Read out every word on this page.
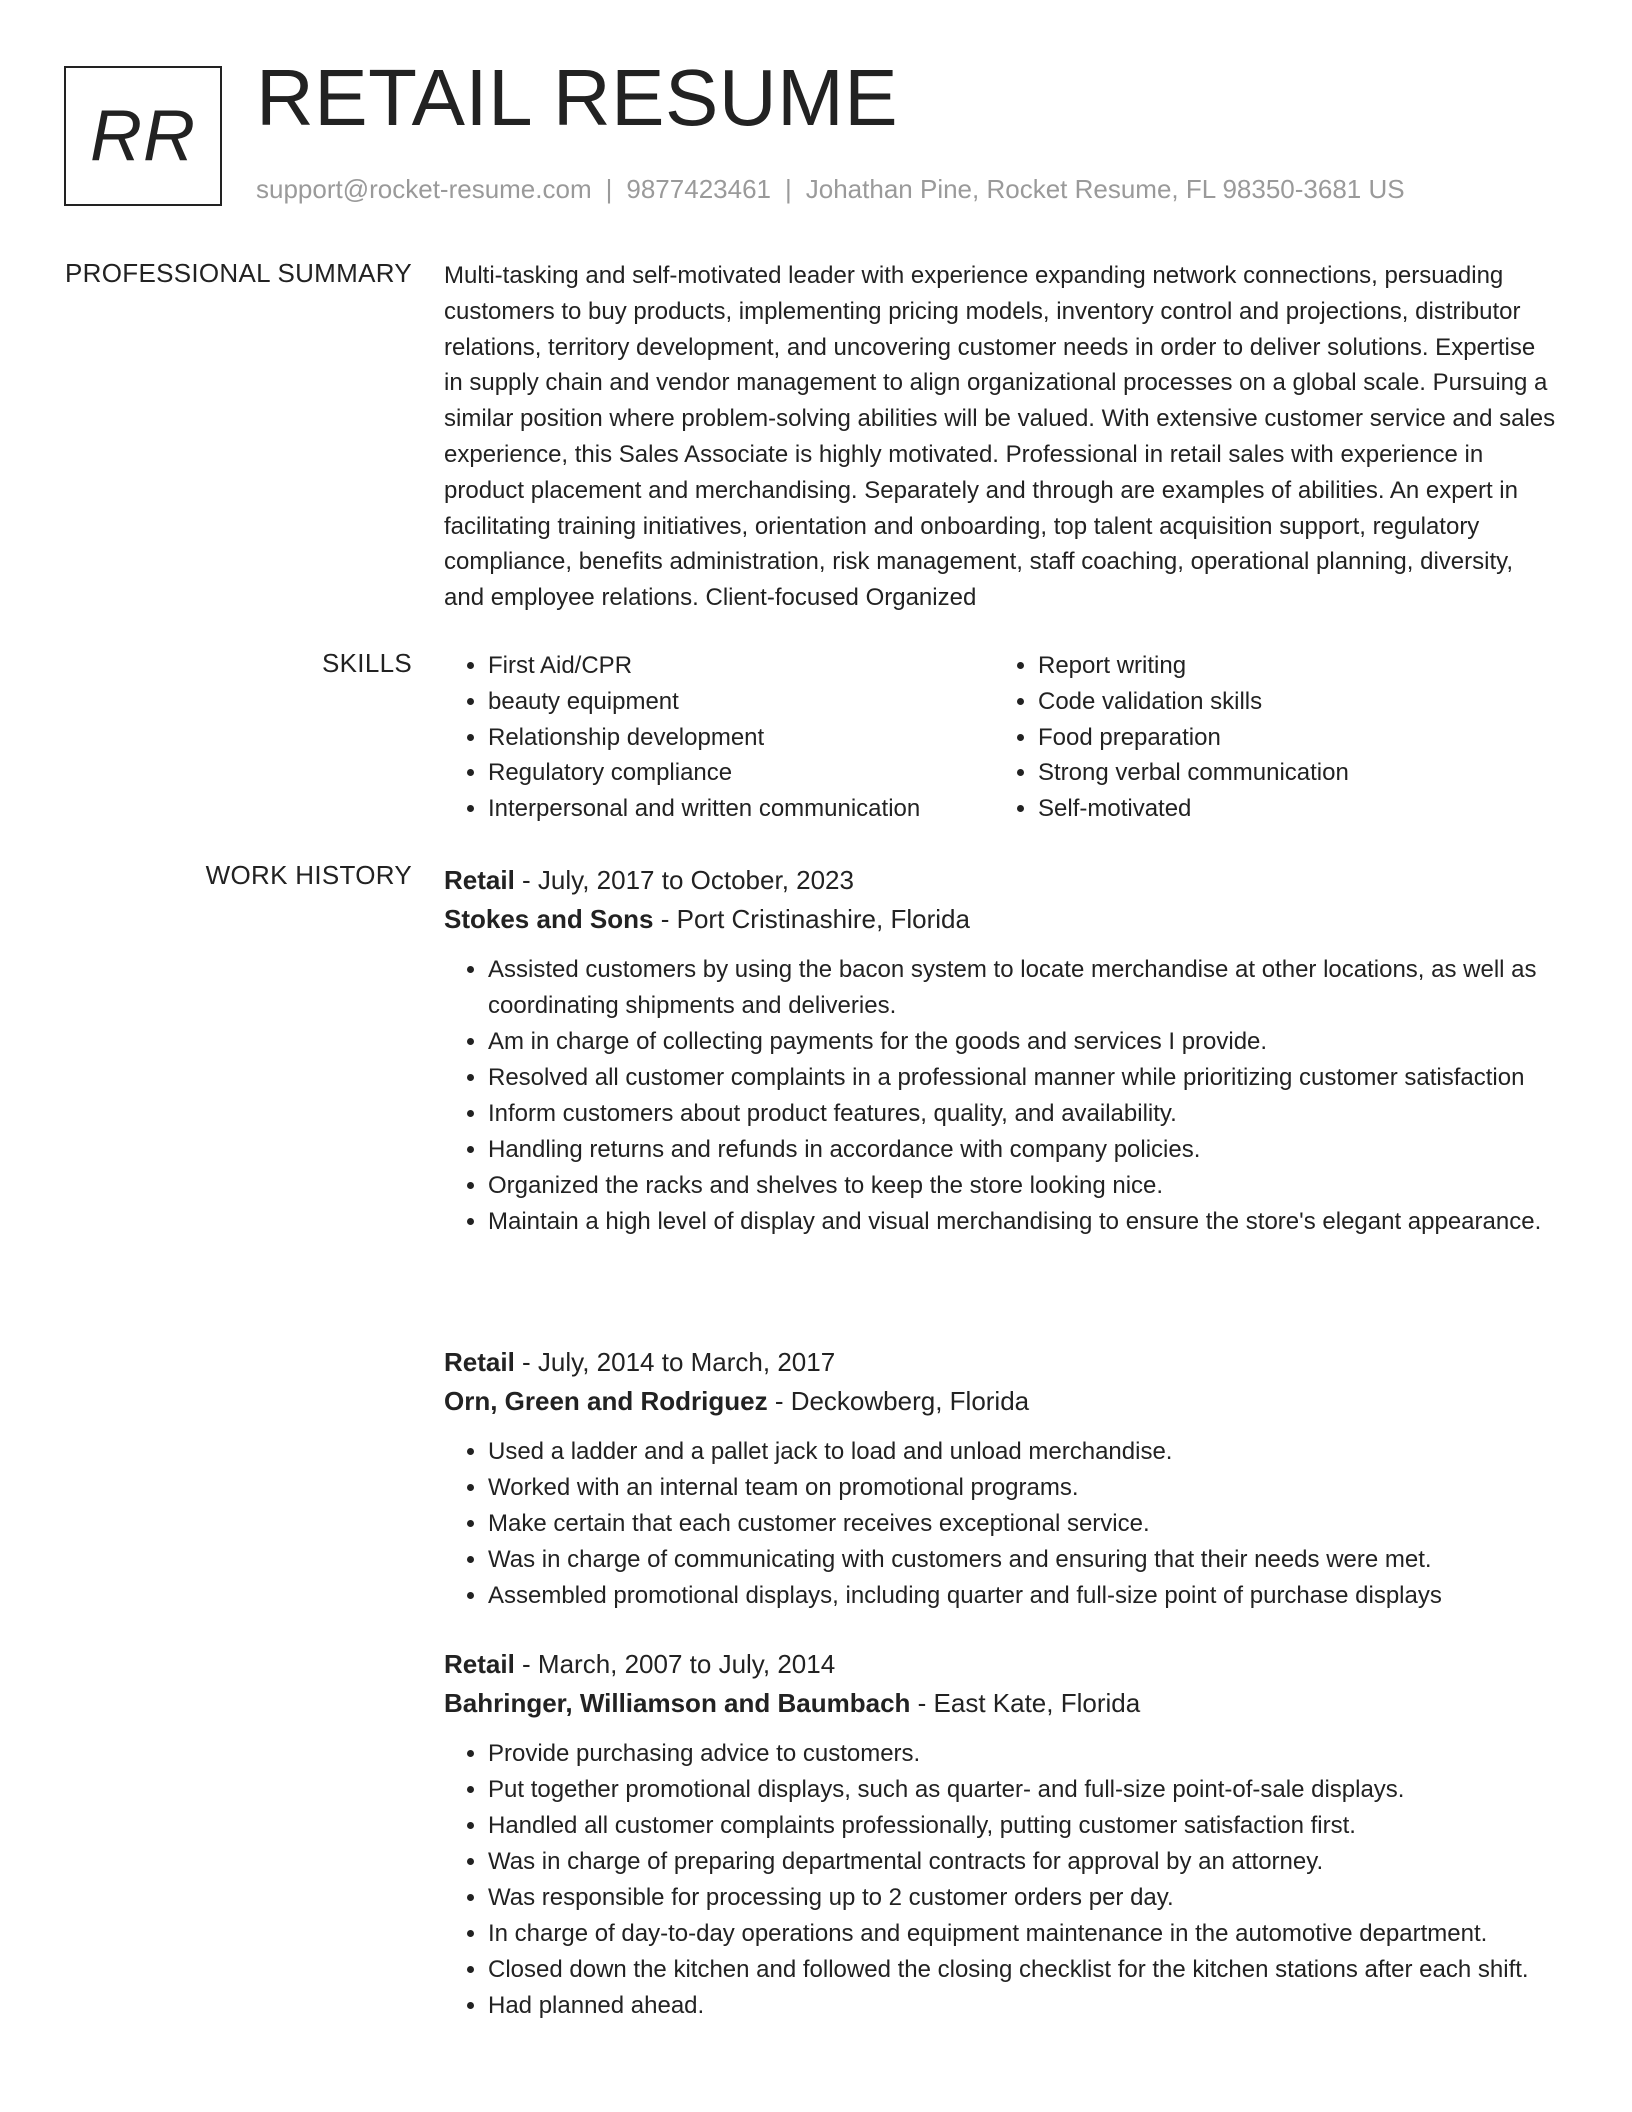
RR RETAIL RESUME
support@rocket-resume.com | 9877423461 | Johathan Pine, Rocket Resume, FL 98350-3681 US
PROFESSIONAL SUMMARY Multi-tasking and self-motivated leader with experience expanding network connections, persuading customers to buy products, implementing pricing models, inventory control and projections, distributor relations, territory development, and uncovering customer needs in order to deliver solutions. Expertise in supply chain and vendor management to align organizational processes on a global scale. Pursuing a similar position where problem-solving abilities will be valued. With extensive customer service and sales experience, this Sales Associate is highly motivated. Professional in retail sales with experience in product placement and merchandising. Separately and through are examples of abilities. An expert in facilitating training initiatives, orientation and onboarding, top talent acquisition support, regulatory compliance, benefits administration, risk management, staff coaching, operational planning, diversity, and employee relations. Client-focused Organized

SKILLS
•	First Aid/CPR
• beauty equipment
• Relationship development
• Regulatory compliance
• Interpersonal and written communication
• Report writing
• Code validation skills
• Food preparation
• Strong verbal communication
• Self-motivated
WORK HISTORY Retail - July, 2017 to October, 2023
Stokes and Sons - Port Cristinashire, Florida
• Assisted customers by using the bacon system to locate merchandise at other locations, as well as coordinating shipments and deliveries.
• Am in charge of collecting payments for the goods and services I provide.
• Resolved all customer complaints in a professional manner while prioritizing customer satisfaction
• Inform customers about product features, quality, and availability.
• Handling returns and refunds in accordance with company policies.
• Organized the racks and shelves to keep the store looking nice.
• Maintain a high level of display and visual merchandising to ensure the store's elegant appearance.
Retail - July, 2014 to March, 2017
Orn, Green and Rodriguez - Deckowberg, Florida
• Used a ladder and a pallet jack to load and unload merchandise.
• Worked with an internal team on promotional programs.
• Make certain that each customer receives exceptional service.
• Was in charge of communicating with customers and ensuring that their needs were met.
• Assembled promotional displays, including quarter and full-size point of purchase displays
Retail - March, 2007 to July, 2014
Bahringer, Williamson and Baumbach - East Kate, Florida
• Provide purchasing advice to customers.
• Put together promotional displays, such as quarter- and full-size point-of-sale displays.
• Handled all customer complaints professionally, putting customer satisfaction first.
• Was in charge of preparing departmental contracts for approval by an attorney.
• Was responsible for processing up to 2 customer orders per day.
• In charge of day-to-day operations and equipment maintenance in the automotive department.
• Closed down the kitchen and followed the closing checklist for the kitchen stations after each shift.
• Had planned ahead.
